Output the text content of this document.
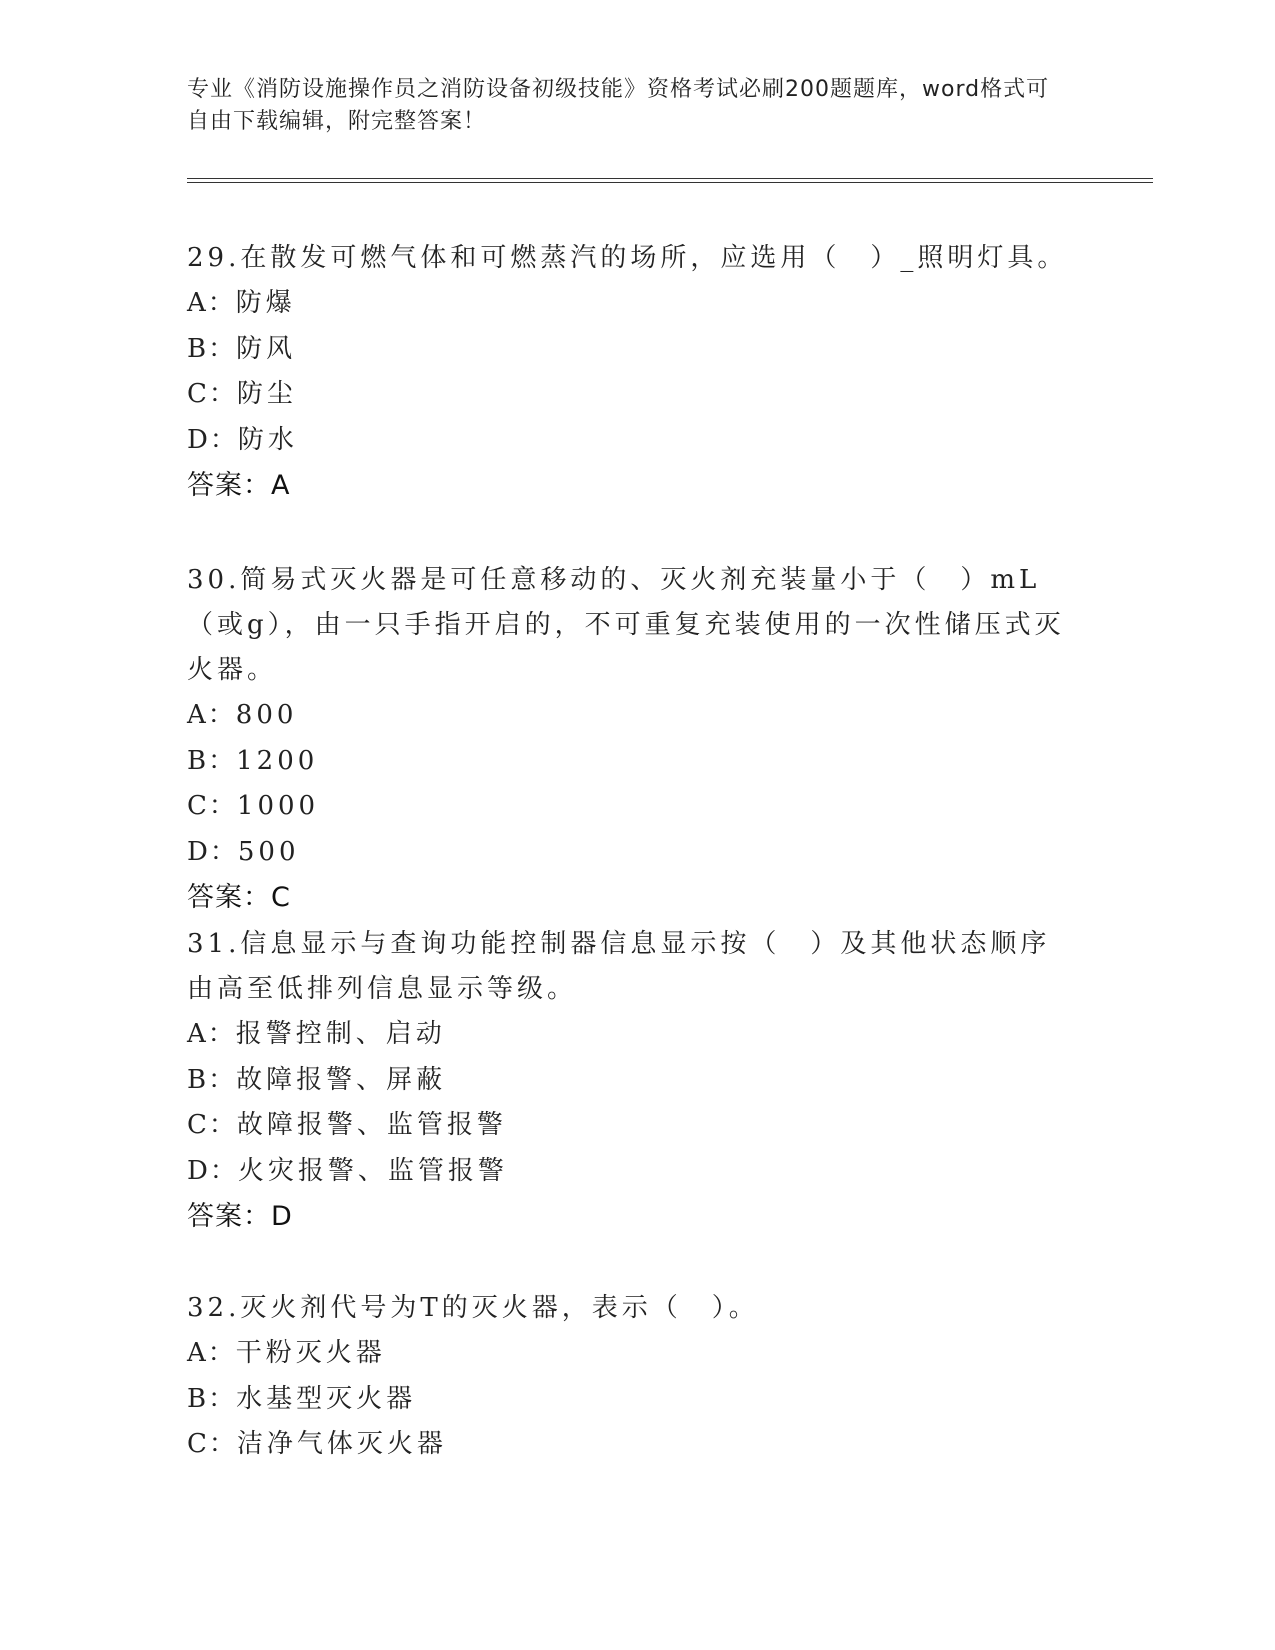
专业《消防设施操作员之消防设备初级技能》资格考试必刷200题题库，word格式可自由下载编辑，附完整答案！
29.在散发可燃气体和可燃蒸汽的场所，应选用（　）_照明灯具。
A：防爆
B：防风
C：防尘
D：防水
答案：A
30.简易式灭火器是可任意移动的、灭火剂充装量小于（　）mL（或g），由一只手指开启的，不可重复充装使用的一次性储压式灭火器。
A：800
B：1200
C：1000
D：500
答案：C
31.信息显示与查询功能控制器信息显示按（　）及其他状态顺序由高至低排列信息显示等级。
A：报警控制、启动
B：故障报警、屏蔽
C：故障报警、监管报警
D：火灾报警、监管报警
答案：D
32.灭火剂代号为T的灭火器，表示（　）。
A：干粉灭火器
B：水基型灭火器
C：洁净气体灭火器
